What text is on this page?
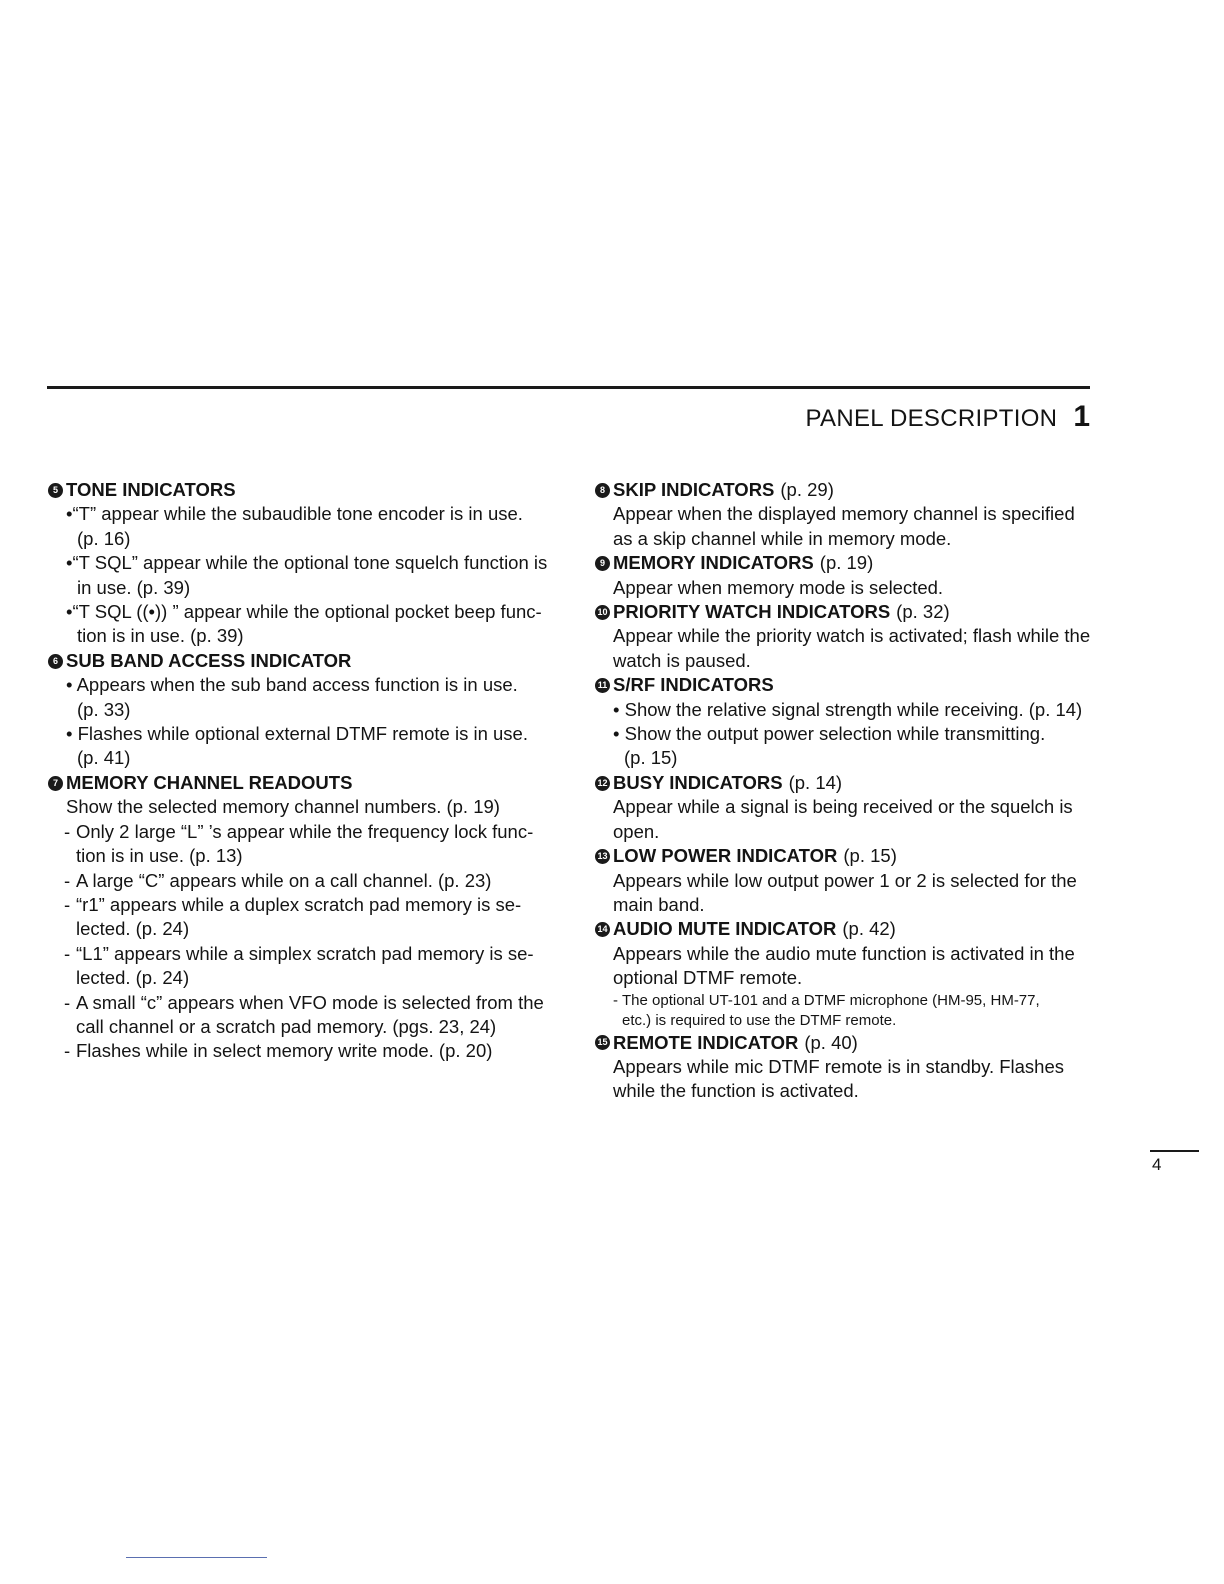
PANEL DESCRIPTION 1
5 TONE INDICATORS
•“T” appear while the subaudible tone encoder is in use.
(p. 16)
•“T SQL” appear while the optional tone squelch function is
in use. (p. 39)
•“T SQL ((•)) ” appear while the optional pocket beep func-
tion is in use. (p. 39)
6 SUB BAND ACCESS INDICATOR
• Appears when the sub band access function is in use.
(p. 33)
• Flashes while optional external DTMF remote is in use.
(p. 41)
7 MEMORY CHANNEL READOUTS
Show the selected memory channel numbers. (p. 19)
- Only 2 large “L” ’s appear while the frequency lock func-
tion is in use. (p. 13)
- A large “C” appears while on a call channel. (p. 23)
- “r1” appears while a duplex scratch pad memory is se-
lected. (p. 24)
- “L1” appears while a simplex scratch pad memory is se-
lected. (p. 24)
- A small “c” appears when VFO mode is selected from the
call channel or a scratch pad memory. (pgs. 23, 24)
- Flashes while in select memory write mode. (p. 20)
8 SKIP INDICATORS (p. 29)
Appear when the displayed memory channel is specified
as a skip channel while in memory mode.
9 MEMORY INDICATORS (p. 19)
Appear when memory mode is selected.
10 PRIORITY WATCH INDICATORS (p. 32)
Appear while the priority watch is activated; flash while the
watch is paused.
11 S/RF INDICATORS
• Show the relative signal strength while receiving. (p. 14)
• Show the output power selection while transmitting.
(p. 15)
12 BUSY INDICATORS (p. 14)
Appear while a signal is being received or the squelch is
open.
13 LOW POWER INDICATOR (p. 15)
Appears while low output power 1 or 2 is selected for the
main band.
14 AUDIO MUTE INDICATOR (p. 42)
Appears while the audio mute function is activated in the
optional DTMF remote.
- The optional UT-101 and a DTMF microphone (HM-95, HM-77,
etc.) is required to use the DTMF remote.
15 REMOTE INDICATOR (p. 40)
Appears while mic DTMF remote is in standby. Flashes
while the function is activated.
4
